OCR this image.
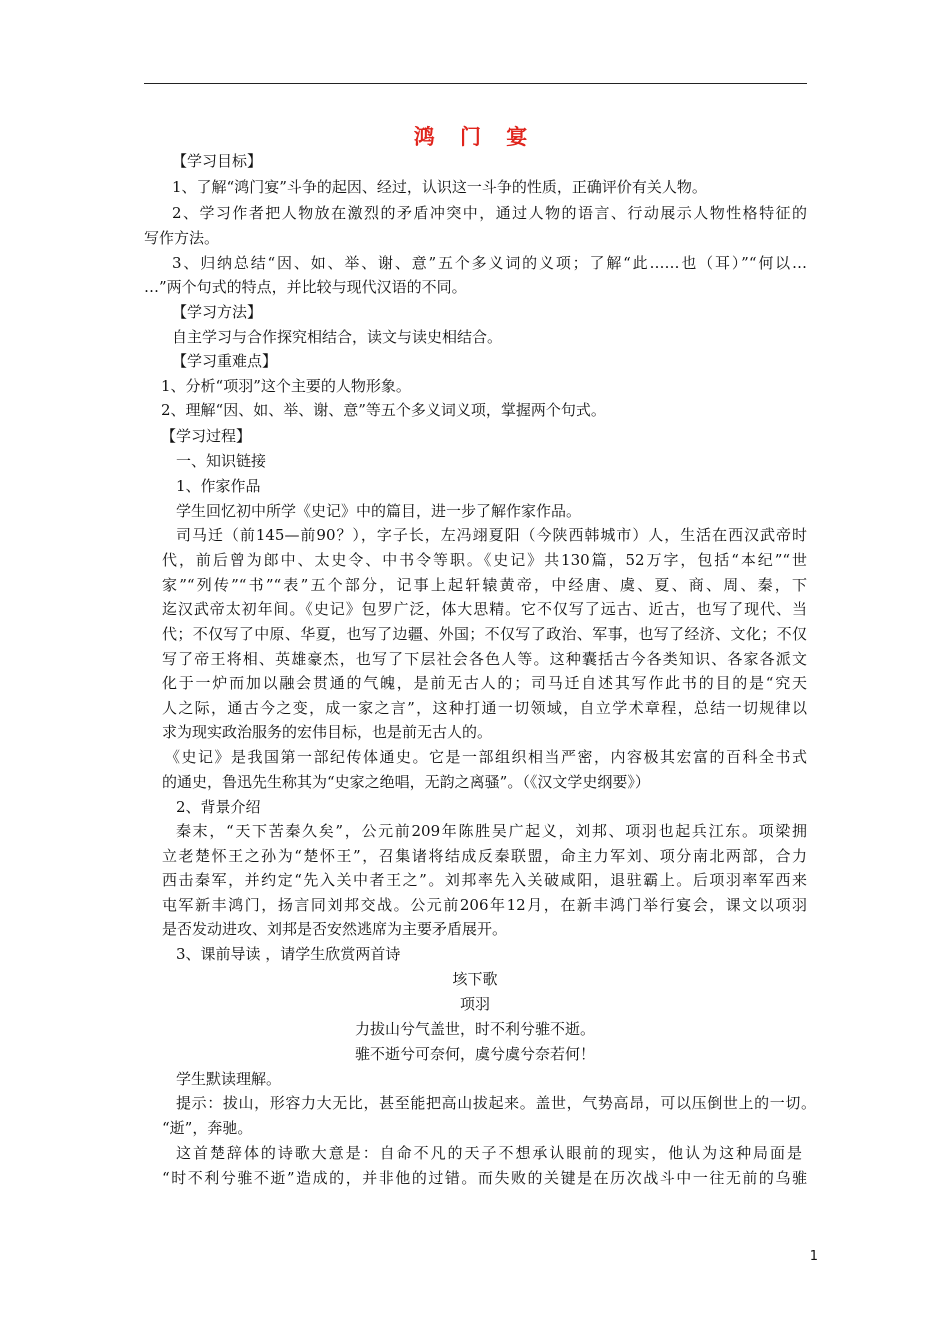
鸿 门 宴
【学习目标】
1、了解“鸿门宴”斗争的起因、经过，认识这一斗争的性质，正确评价有关人物。
2、学习作者把人物放在激烈的矛盾冲突中，通过人物的语言、行动展示人物性格特征的
写作方法。
3、归纳总结“因、如、举、谢、意”五个多义词的义项；了解“此……也（耳）”“何以…
…”两个句式的特点，并比较与现代汉语的不同。
【学习方法】
自主学习与合作探究相结合，读文与读史相结合。
【学习重难点】
1、分析“项羽”这个主要的人物形象。
2、理解“因、如、举、谢、意”等五个多义词义项，掌握两个句式。
【学习过程】
一、知识链接
1、作家作品
学生回忆初中所学《史记》中的篇目，进一步了解作家作品。
司马迁（前145—前90？），字子长，左冯翊夏阳（今陕西韩城市）人，生活在西汉武帝时
代，前后曾为郎中、太史令、中书令等职。《史记》共130篇，52万字，包括“本纪”“世
家”“列传”“书”“表”五个部分，记事上起轩辕黄帝，中经唐、虞、夏、商、周、秦，下
迄汉武帝太初年间。《史记》包罗广泛，体大思精。它不仅写了远古、近古，也写了现代、当
代；不仅写了中原、华夏，也写了边疆、外国；不仅写了政治、军事，也写了经济、文化；不仅
写了帝王将相、英雄豪杰，也写了下层社会各色人等。这种囊括古今各类知识、各家各派文
化于一炉而加以融会贯通的气魄，是前无古人的；司马迁自述其写作此书的目的是“究天
人之际，通古今之变，成一家之言”，这种打通一切领域，自立学术章程，总结一切规律以
求为现实政治服务的宏伟目标，也是前无古人的。
《史记》是我国第一部纪传体通史。它是一部组织相当严密，内容极其宏富的百科全书式
的通史，鲁迅先生称其为“史家之绝唱，无韵之离骚”。（《汉文学史纲要》）
2、背景介绍
秦末，“天下苦秦久矣”，公元前209年陈胜吴广起义，刘邦、项羽也起兵江东。项梁拥
立老楚怀王之孙为“楚怀王”，召集诸将结成反秦联盟，命主力军刘、项分南北两部，合力
西击秦军，并约定“先入关中者王之”。刘邦率先入关破咸阳，退驻霸上。后项羽率军西来
屯军新丰鸿门，扬言同刘邦交战。公元前206年12月，在新丰鸿门举行宴会，课文以项羽
是否发动进攻、刘邦是否安然逃席为主要矛盾展开。
3、课前导读 ，请学生欣赏两首诗
垓下歌
项羽
力拔山兮气盖世，时不利兮骓不逝。
骓不逝兮可奈何，虞兮虞兮奈若何！
学生默读理解。
提示：拔山，形容力大无比，甚至能把高山拔起来。盖世，气势高昂，可以压倒世上的一切。
“逝”，奔驰。
这首楚辞体的诗歌大意是：自命不凡的天子不想承认眼前的现实，他认为这种局面是
“时不利兮骓不逝”造成的，并非他的过错。而失败的关键是在历次战斗中一往无前的乌骓
1
